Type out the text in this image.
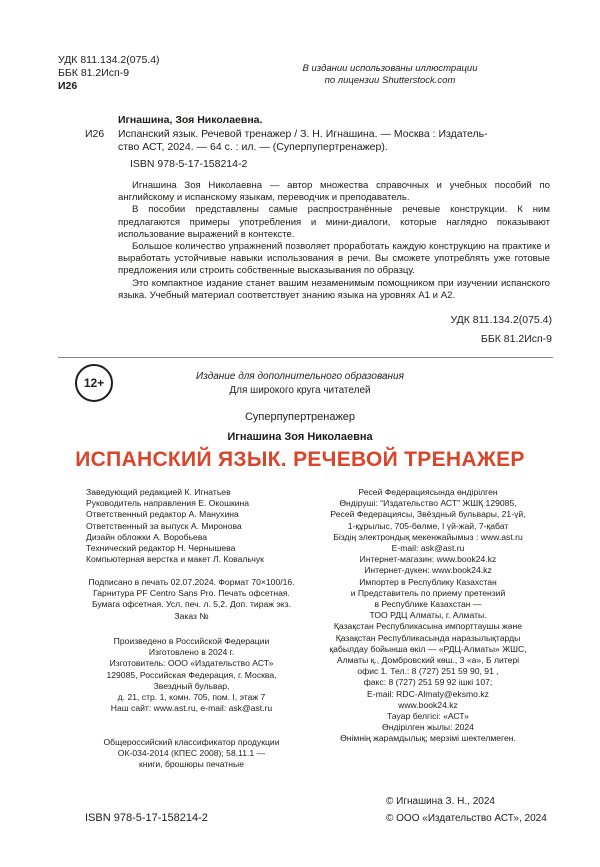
УДК 811.134.2(075.4)
ББК 81.2Исп-9
И26
В издании использованы иллюстрации
по лицензии Shutterstock.com
Игнашина, Зоя Николаевна.
И26 Испанский язык. Речевой тренажер / З. Н. Игнашина. — Москва : Издатель-
ство АСТ, 2024. — 64 с. : ил. — (Суперпупертренажер).
ISBN 978-5-17-158214-2

Игнашина Зоя Николаевна — автор множества справочных и учебных пособий по английскому и испанскому языкам, переводчик и преподаватель.

В пособии представлены самые распространённые речевые конструкции. К ним предлагаются примеры употребления и мини-диалоги, которые наглядно показывают использование выражений в контексте.

Большое количество упражнений позволяет проработать каждую конструкцию на практике и выработать устойчивые навыки использования в речи. Вы сможете употреблять уже готовые предложения или строить собственные высказывания по образцу.

Это компактное издание станет вашим незаменимым помощником при изучении испанского языка. Учебный материал соответствует знанию языка на уровнях A1 и A2.

УДК 811.134.2(075.4)
ББК 81.2Исп-9
12+	Издание для дополнительного образования
Для широкого круга читателей
Суперпупертренажер
Игнашина Зоя Николаевна
ИСПАНСКИЙ ЯЗЫК. РЕЧЕВОЙ ТРЕНАЖЕР
Заведующий редакцией К. Игнатьев
Руководитель направления Е. Окошкина
Ответственный редактор А. Манухина
Ответственный за выпуск А. Миронова
Дизайн обложки А. Воробьева
Технический редактор Н. Чернышева
Компьютерная верстка и макет Л. Ковальчук
Подписано в печать 02.07.2024. Формат 70×100/16.
Гарнитура PF Centro Sans Pro. Печать офсетная.
Бумага офсетная. Усл. печ. л. 5,2. Доп. тираж экз.
Заказ №
Произведено в Российской Федерации
Изготовлено в 2024 г.
Изготовитель: ООО «Издательство АСТ»
129085, Российская Федерация, г. Москва,
Звездный бульвар,
д. 21, стр. 1, комн. 705, пом. I, этаж 7
Наш сайт: www.ast.ru, e-mail: ask@ast.ru
Общероссийский классификатор продукции
ОК-034-2014 (КПЕС 2008); 58.11.1 —
книги, брошюры печатные
Ресей Федерациясында өндірілген
Өндіруші: “Издательство АСТ” ЖШҚ 129085,
Ресей Федерациясы, Звёздный бульвары, 21-үй,
1-құрылыс, 705-бөлме, I үй-жай, 7-қабат
Біздің электрондық мекенжайымыз : www.ast.ru
E-mail: ask@ast.ru
Интернет-магазин: www.book24.kz
Интернет-дүкен: www.book24.kz
Импортер в Республику Казахстан
и Представитель по приему претензий
в Республике Казахстан —
ТОО РДЦ Алматы, г. Алматы.
Қазақстан Республикасына импорттаушы және
Қазақстан Республикасында наразылықтарды
қабылдау бойынша өкіл — «РДЦ-Алматы» ЖШС,
Алматы қ., Домбровский көш., 3 «а», Б литері
офис 1. Тел.: 8 (727) 251 59 90, 91 ,
факс: 8 (727) 251 59 92 ішкі 107;
E-mail: RDC-Almaty@eksmo.kz
www.book24.kz
Тауар белгісі: «АСТ»
Өндірілген жылы: 2024
Өнімнің жарамдылық; мерзімі шектелмеген.
ISBN 978-5-17-158214-2
© Игнашина З. Н., 2024
© ООО «Издательство АСТ», 2024
